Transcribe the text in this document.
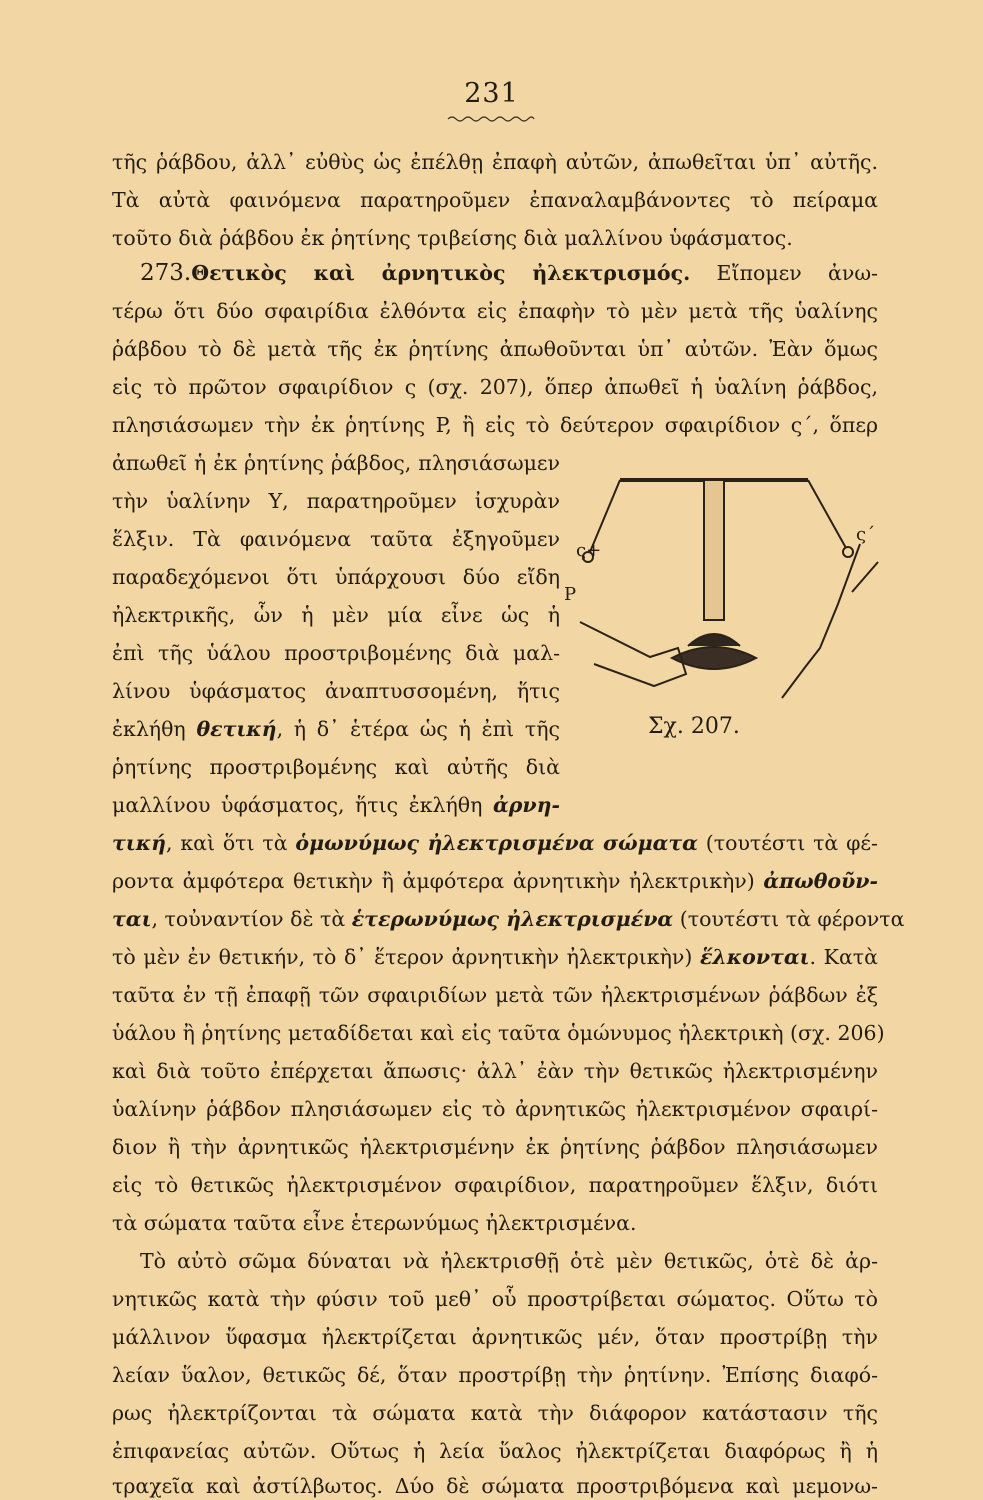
231
τῆς ῥάβδου, ἀλλ᾿ εὐθὺς ὡς ἐπέλθῃ ἐπαφὴ αὐτῶν, ἀπωθεῖται ὑπ᾿ αὐτῆς.
Τὰ αὐτὰ φαινόμενα παρατηροῦμεν ἐπαναλαμβάνοντες τὸ πείραμα
τοῦτο διὰ ῥάβδου ἐκ ῥητίνης τριβείσης διὰ μαλλίνου ὑφάσματος.
273.Θετικὸς καὶ ἀρνητικὸς ἠλεκτρισμός. Εἴπομεν ἀνω-
τέρω ὅτι δύο σφαιρίδια ἐλθόντα εἰς ἐπαφὴν τὸ μὲν μετὰ τῆς ὑαλίνης
ῥάβδου τὸ δὲ μετὰ τῆς ἐκ ῥητίνης ἀπωθοῦνται ὑπ᾿ αὐτῶν. Ἐὰν ὅμως
εἰς τὸ πρῶτον σφαιρίδιον ς (σχ. 207), ὅπερ ἀπωθεῖ ἡ ὑαλίνη ῥάβδος,
πλησιάσωμεν τὴν ἐκ ῥητίνης P, ἢ εἰς τὸ δεύτερον σφαιρίδιον ς΄, ὅπερ
ἀπωθεῖ ἡ ἐκ ῥητίνης ῥάβδος, πλησιάσωμεν
τὴν ὑαλίνην Υ, παρατηροῦμεν ἰσχυρὰν
ἕλξιν. Τὰ φαινόμενα ταῦτα ἐξηγοῦμεν
παραδεχόμενοι ὅτι ὑπάρχουσι δύο εἴδη
ἠλεκτρικῆς, ὧν ἡ μὲν μία εἶνε ὡς ἡ
ἐπὶ τῆς ὑάλου προστριβομένης διὰ μαλ-
λίνου ὑφάσματος ἀναπτυσσομένη, ἥτις
ἐκλήθη θετική, ἡ δ᾿ ἑτέρα ὡς ἡ ἐπὶ τῆς
ῥητίνης προστριβομένης καὶ αὐτῆς διὰ
μαλλίνου ὑφάσματος, ἥτις ἐκλήθη ἀρνη-
τική, καὶ ὅτι τὰ ὁμωνύμως ἠλεκτρισμένα σώματα (τουτέστι τὰ φέ-
ροντα ἀμφότερα θετικὴν ἢ ἀμφότερα ἀρνητικὴν ἠλεκτρικὴν) ἀπωθοῦν-
ται, τοὐναντίον δὲ τὰ ἑτερωνύμως ἠλεκτρισμένα (τουτέστι τὰ φέροντα
τὸ μὲν ἐν θετικήν, τὸ δ᾿ ἕτερον ἀρνητικὴν ἠλεκτρικὴν) ἕλκονται. Κατὰ
ταῦτα ἐν τῇ ἐπαφῇ τῶν σφαιριδίων μετὰ τῶν ἠλεκτρισμένων ῥάβδων ἐξ
ὑάλου ἢ ῥητίνης μεταδίδεται καὶ εἰς ταῦτα ὁμώνυμος ἠλεκτρικὴ (σχ. 206)
καὶ διὰ τοῦτο ἐπέρχεται ἄπωσις· ἀλλ᾿ ἐὰν τὴν θετικῶς ἠλεκτρισμένην
ὑαλίνην ῥάβδον πλησιάσωμεν εἰς τὸ ἀρνητικῶς ἠλεκτρισμένον σφαιρί-
διον ἢ τὴν ἀρνητικῶς ἠλεκτρισμένην ἐκ ῥητίνης ῥάβδον πλησιάσωμεν
εἰς τὸ θετικῶς ἠλεκτρισμένον σφαιρίδιον, παρατηροῦμεν ἕλξιν, διότι
τὰ σώματα ταῦτα εἶνε ἑτερωνύμως ἠλεκτρισμένα.
Τὸ αὐτὸ σῶμα δύναται νὰ ἠλεκτρισθῇ ὁτὲ μὲν θετικῶς, ὁτὲ δὲ ἀρ-
νητικῶς κατὰ τὴν φύσιν τοῦ μεθ᾿ οὗ προστρίβεται σώματος. Οὕτω τὸ
μάλλινον ὕφασμα ἠλεκτρίζεται ἀρνητικῶς μέν, ὅταν προστρίβῃ τὴν
λείαν ὕαλον, θετικῶς δέ, ὅταν προστρίβῃ τὴν ῥητίνην. Ἐπίσης διαφό-
ρως ἠλεκτρίζονται τὰ σώματα κατὰ τὴν διάφορον κατάστασιν τῆς
ἐπιφανείας αὐτῶν. Οὕτως ἡ λεία ὕαλος ἠλεκτρίζεται διαφόρως ἢ ἡ
τραχεῖα καὶ ἀστίλβωτος. Δύο δὲ σώματα προστριβόμενα καὶ μεμονω-
ς+
P
ς΄
Σχ. 207.
